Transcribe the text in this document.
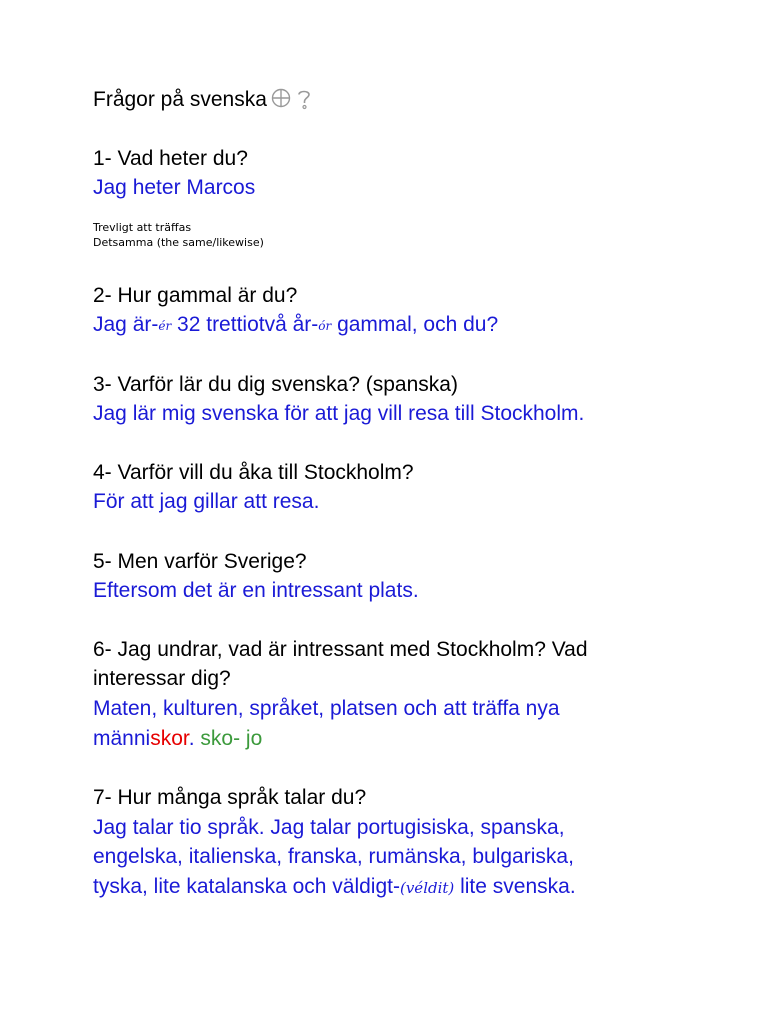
Frågor på svenska
1- Vad heter du?
Jag heter Marcos
Trevligt att träffas
Detsamma (the same/likewise)
2- Hur gammal är du?
Jag är-ér 32 trettiotvå år-ór gammal, och du?
3- Varför lär du dig svenska? (spanska)
Jag lär mig svenska för att jag vill resa till Stockholm.
4- Varför vill du åka till Stockholm?
För att jag gillar att resa.
5- Men varför Sverige?
Eftersom det är en intressant plats.
6- Jag undrar, vad är intressant med Stockholm? Vad
interessar dig?
Maten, kulturen, språket, platsen och att träffa nya
människor. sko- jo
7- Hur många språk talar du?
Jag talar tio språk. Jag talar portugisiska, spanska,
engelska, italienska, franska, rumänska, bulgariska,
tyska, lite katalanska och väldigt-(véldit) lite svenska.
